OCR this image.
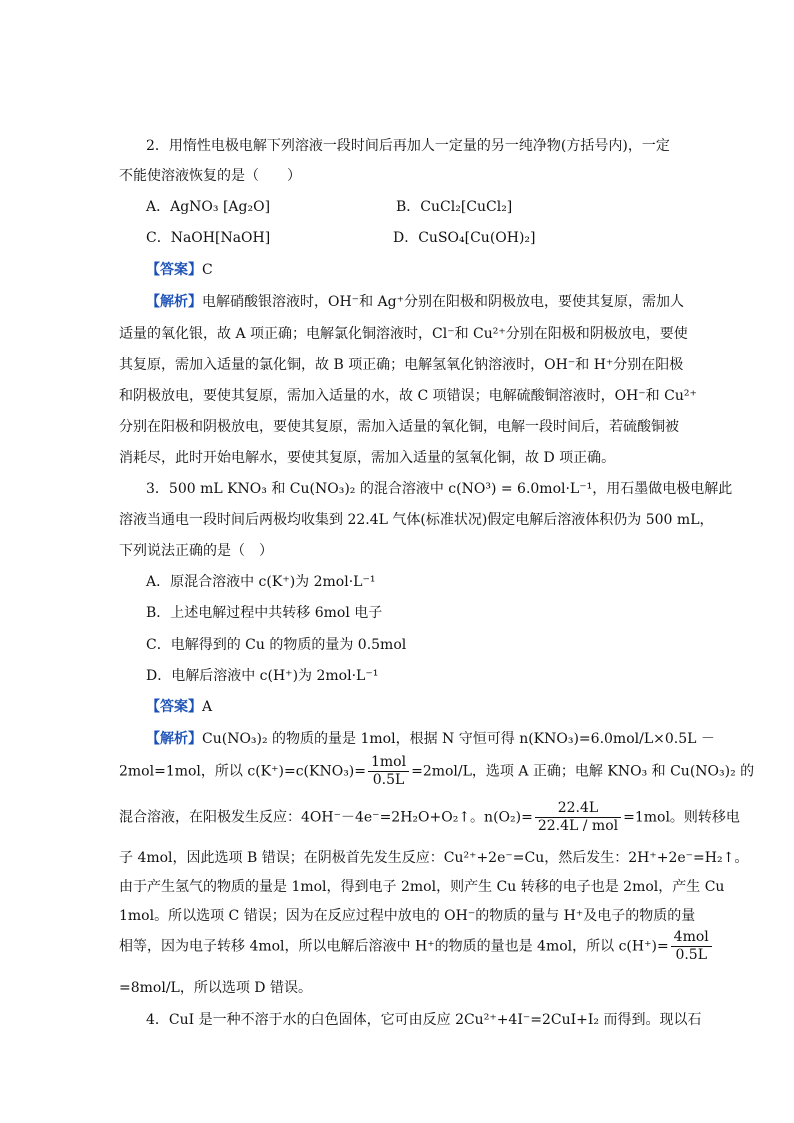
2．用惰性电极电解下列溶液一段时间后再加人一定量的另一纯净物(方括号内)，一定
不能使溶液恢复的是（　　）
A．AgNO₃ [Ag₂O]	B．CuCl₂[CuCl₂]
C．NaOH[NaOH]	D．CuSO₄[Cu(OH)₂]
【答案】C
【解析】电解硝酸银溶液时，OH⁻和 Ag⁺分别在阳极和阴极放电，要使其复原，需加人
适量的氧化银，故 A 项正确；电解氯化铜溶液时，Cl⁻和 Cu²⁺分别在阳极和阴极放电，要使
其复原，需加入适量的氯化铜，故 B 项正确；电解氢氧化钠溶液时，OH⁻和 H⁺分别在阳极
和阴极放电，要使其复原，需加入适量的水，故 C 项错误；电解硫酸铜溶液时，OH⁻和 Cu²⁺
分别在阳极和阴极放电，要使其复原，需加入适量的氧化铜，电解一段时间后，若硫酸铜被
消耗尽，此时开始电解水，要使其复原，需加入适量的氢氧化铜，故 D 项正确。
3．500 mL KNO₃ 和 Cu(NO₃)₂ 的混合溶液中 c(NO³) = 6.0mol·L⁻¹，用石墨做电极电解此
溶液当通电一段时间后两极均收集到 22.4L 气体(标准状况)假定电解后溶液体积仍为 500 mL，
下列说法正确的是（　）
A．原混合溶液中 c(K⁺)为 2mol·L⁻¹
B．上述电解过程中共转移 6mol 电子
C．电解得到的 Cu 的物质的量为 0.5mol
D．电解后溶液中 c(H⁺)为 2mol·L⁻¹
【答案】A
【解析】Cu(NO₃)₂ 的物质的量是 1mol，根据 N 守恒可得 n(KNO₃)=6.0mol/L×0.5L －
2mol=1mol，所以 $c(K^+)=c(KNO_3)= \frac{\text{1mol}}{0.5L} =2mol/L$，选项 A 正确；电解 KNO₃ 和 Cu(NO₃)₂ 的
混合溶液，在阳极发生反应：4OH⁻－4e⁻=2H₂O+O₂↑。$n(O_2)= \frac{22.4L}{\text{22.4L / mol}} =1mol$。则转移电
子 4mol，因此选项 B 错误；在阴极首先发生反应：Cu²⁺+2e⁻=Cu，然后发生：2H⁺+2e⁻=H₂↑。
由于产生氢气的物质的量是 1mol，得到电子 2mol，则产生 Cu 转移的电子也是 2mol，产生 Cu
1mol。所以选项 C 错误；因为在反应过程中放电的 OH⁻的物质的量与 H⁺及电子的物质的量
相等，因为电子转移 4mol，所以电解后溶液中 H⁺的物质的量也是 4mol，所以 $c(H^+)= \frac{\text{4mol}}{0.5L}$
=8mol/L，所以选项 D 错误。
4．CuI 是一种不溶于水的白色固体，它可由反应 2Cu²⁺+4I⁻=2CuI+I₂ 而得到。现以石
